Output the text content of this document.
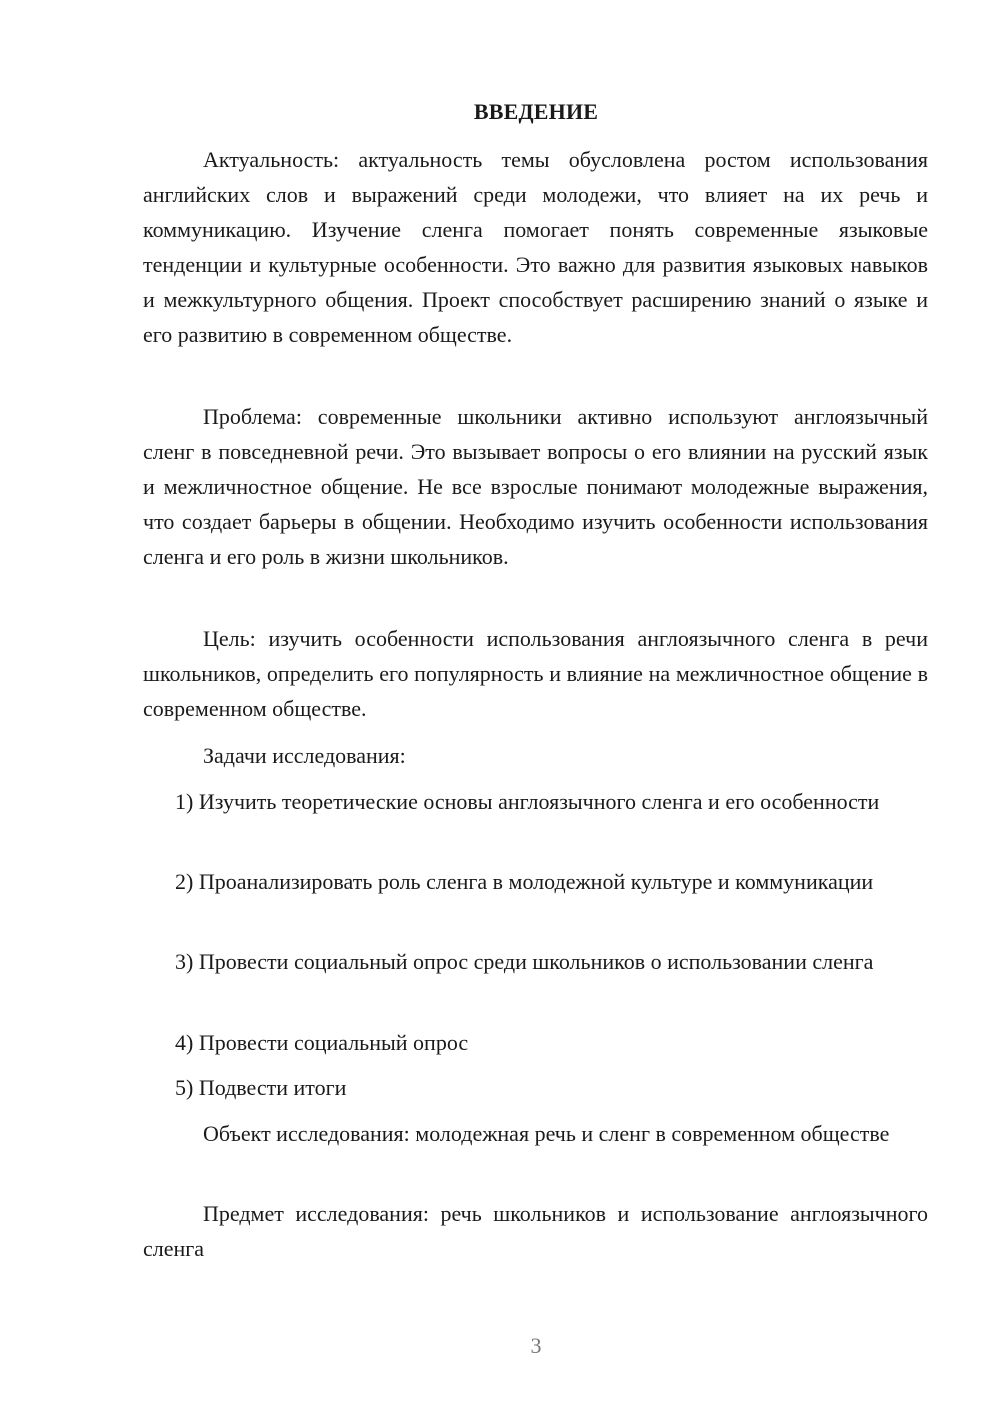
ВВЕДЕНИЕ

Актуальность: актуальность темы обусловлена ростом использования английских слов и выражений среди молодежи, что влияет на их речь и коммуникацию. Изучение сленга помогает понять современные языковые тенденции и культурные особенности. Это важно для развития языковых навыков и межкультурного общения. Проект способствует расширению знаний о языке и его развитию в современном обществе.

Проблема: современные школьники активно используют англоязычный сленг в повседневной речи. Это вызывает вопросы о его влиянии на русский язык и межличностное общение. Не все взрослые понимают молодежные выражения, что создает барьеры в общении. Необходимо изучить особенности использования сленга и его роль в жизни школьников.

Цель: изучить особенности использования англоязычного сленга в речи школьников, определить его популярность и влияние на межличностное общение в современном обществе.

Задачи исследования:

1) Изучить теоретические основы англоязычного сленга и его особенности

2) Проанализировать роль сленга в молодежной культуре и коммуникации

3) Провести социальный опрос среди школьников о использовании сленга

4) Провести социальный опрос

5) Подвести итоги

Объект исследования: молодежная речь и сленг в современном обществе

Предмет исследования: речь школьников и использование англоязычного сленга

3
